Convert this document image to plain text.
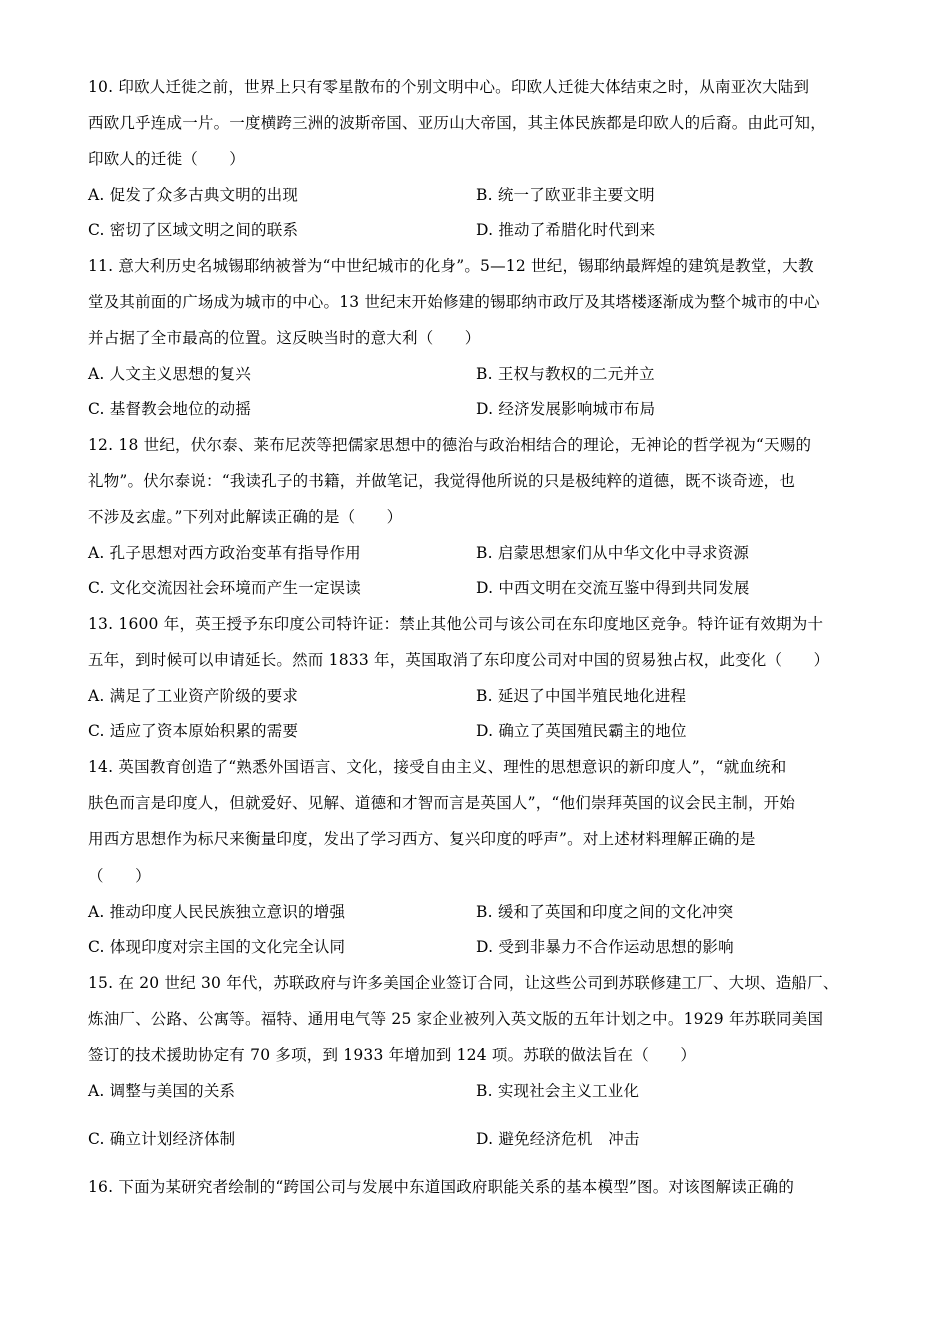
10. 印欧人迁徙之前，世界上只有零星散布的个别文明中心。印欧人迁徙大体结束之时，从南亚次大陆到
西欧几乎连成一片。一度横跨三洲的波斯帝国、亚历山大帝国，其主体民族都是印欧人的后裔。由此可知，
印欧人的迁徙（　　）
A. 促发了众多古典文明的出现	B. 统一了欧亚非主要文明
C. 密切了区域文明之间的联系	D. 推动了希腊化时代到来
11. 意大利历史名城锡耶纳被誉为“中世纪城市的化身”。5—12 世纪，锡耶纳最辉煌的建筑是教堂，大教
堂及其前面的广场成为城市的中心。13 世纪末开始修建的锡耶纳市政厅及其塔楼逐渐成为整个城市的中心
并占据了全市最高的位置。这反映当时的意大利（　　）
A. 人文主义思想的复兴	B. 王权与教权的二元并立
C. 基督教会地位的动摇	D. 经济发展影响城市布局
12. 18 世纪，伏尔泰、莱布尼茨等把儒家思想中的德治与政治相结合的理论，无神论的哲学视为“天赐的
礼物”。伏尔泰说：“我读孔子的书籍，并做笔记，我觉得他所说的只是极纯粹的道德，既不谈奇迹，也
不涉及玄虚。”下列对此解读正确的是（　　）
A. 孔子思想对西方政治变革有指导作用	B. 启蒙思想家们从中华文化中寻求资源
C. 文化交流因社会环境而产生一定误读	D. 中西文明在交流互鉴中得到共同发展
13. 1600 年，英王授予东印度公司特许证：禁止其他公司与该公司在东印度地区竞争。特许证有效期为十
五年，到时候可以申请延长。然而 1833 年，英国取消了东印度公司对中国的贸易独占权，此变化（　　）
A. 满足了工业资产阶级的要求	B. 延迟了中国半殖民地化进程
C. 适应了资本原始积累的需要	D. 确立了英国殖民霸主的地位
14. 英国教育创造了“熟悉外国语言、文化，接受自由主义、理性的思想意识的新印度人”，“就血统和
肤色而言是印度人，但就爱好、见解、道德和才智而言是英国人”，“他们崇拜英国的议会民主制，开始
用西方思想作为标尺来衡量印度，发出了学习西方、复兴印度的呼声”。对上述材料理解正确的是
（　　）
A. 推动印度人民民族独立意识的增强	B. 缓和了英国和印度之间的文化冲突
C. 体现印度对宗主国的文化完全认同	D. 受到非暴力不合作运动思想的影响
15. 在 20 世纪 30 年代，苏联政府与许多美国企业签订合同，让这些公司到苏联修建工厂、大坝、造船厂、
炼油厂、公路、公寓等。福特、通用电气等 25 家企业被列入英文版的五年计划之中。1929 年苏联同美国
签订的技术援助协定有 70 多项，到 1933 年增加到 124 项。苏联的做法旨在（　　）
A. 调整与美国的关系	B. 实现社会主义工业化
C. 确立计划经济体制	D. 避免经济危机　冲击
16. 下面为某研究者绘制的“跨国公司与发展中东道国政府职能关系的基本模型”图。对该图解读正确的
